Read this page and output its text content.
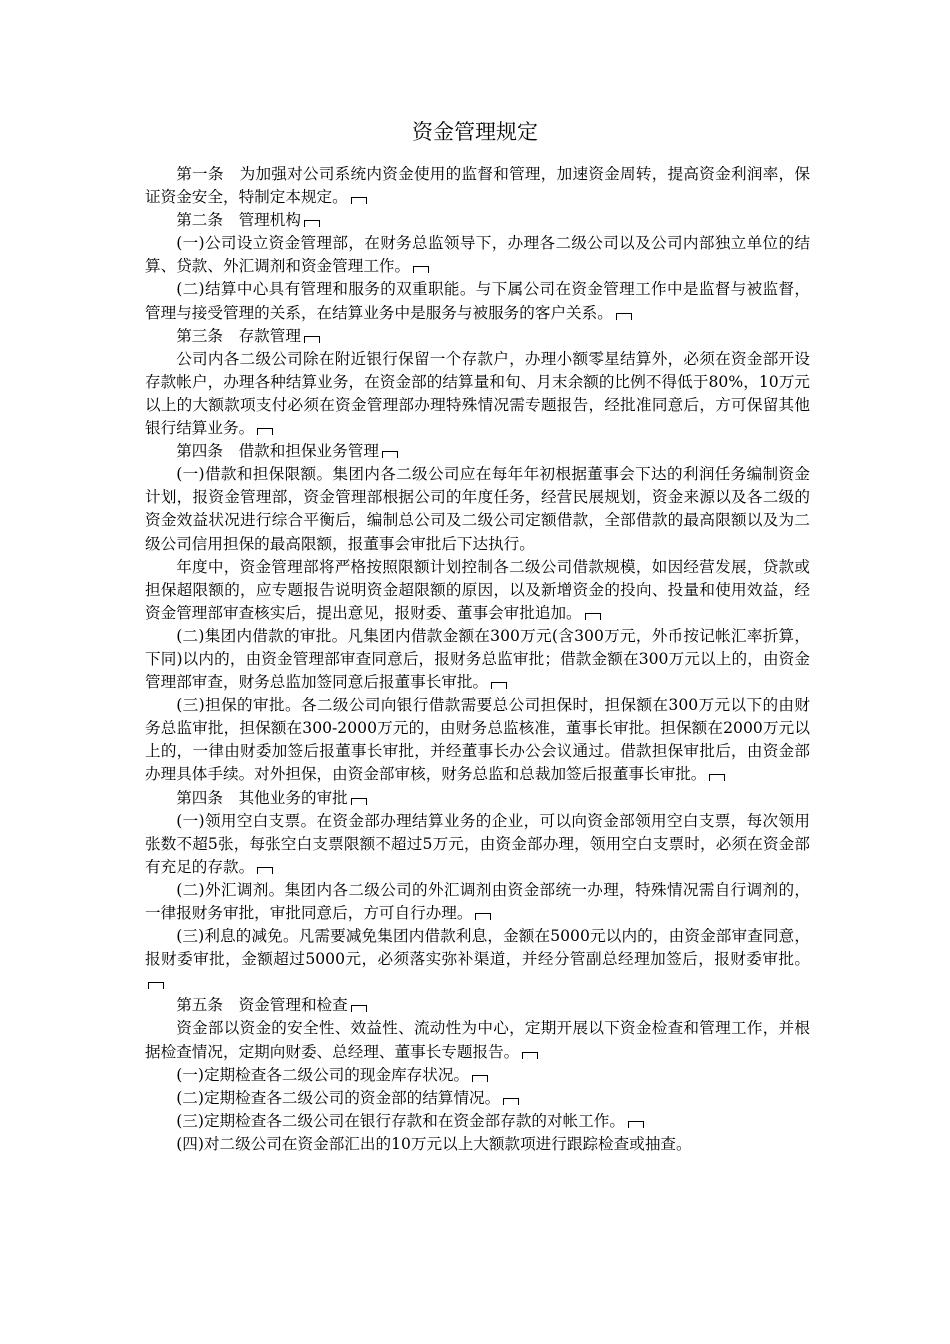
资金管理规定

第一条　为加强对公司系统内资金使用的监督和管理，加速资金周转，提高资金利润率，保证资金安全，特制定本规定。

第二条　管理机构

(一)公司设立资金管理部，在财务总监领导下，办理各二级公司以及公司内部独立单位的结算、贷款、外汇调剂和资金管理工作。

(二)结算中心具有管理和服务的双重职能。与下属公司在资金管理工作中是监督与被监督，管理与接受管理的关系，在结算业务中是服务与被服务的客户关系。

第三条　存款管理

公司内各二级公司除在附近银行保留一个存款户，办理小额零星结算外，必须在资金部开设存款帐户，办理各种结算业务，在资金部的结算量和旬、月末余额的比例不得低于80%，10万元以上的大额款项支付必须在资金管理部办理特殊情况需专题报告，经批准同意后，方可保留其他银行结算业务。

第四条　借款和担保业务管理

(一)借款和担保限额。集团内各二级公司应在每年年初根据董事会下达的利润任务编制资金计划，报资金管理部，资金管理部根据公司的年度任务，经营民展规划，资金来源以及各二级的资金效益状况进行综合平衡后，编制总公司及二级公司定额借款，全部借款的最高限额以及为二级公司信用担保的最高限额，报董事会审批后下达执行。

年度中，资金管理部将严格按照限额计划控制各二级公司借款规模，如因经营发展，贷款或担保超限额的，应专题报告说明资金超限额的原因，以及新增资金的投向、投量和使用效益，经资金管理部审查核实后，提出意见，报财委、董事会审批追加。

(二)集团内借款的审批。凡集团内借款金额在300万元(含300万元，外币按记帐汇率折算，下同)以内的，由资金管理部审查同意后，报财务总监审批；借款金额在300万元以上的，由资金管理部审查，财务总监加签同意后报董事长审批。

(三)担保的审批。各二级公司向银行借款需要总公司担保时，担保额在300万元以下的由财务总监审批，担保额在300-2000万元的，由财务总监核准，董事长审批。担保额在2000万元以上的，一律由财委加签后报董事长审批，并经董事长办公会议通过。借款担保审批后，由资金部办理具体手续。对外担保，由资金部审核，财务总监和总裁加签后报董事长审批。

第四条　其他业务的审批

(一)领用空白支票。在资金部办理结算业务的企业，可以向资金部领用空白支票，每次领用张数不超5张，每张空白支票限额不超过5万元，由资金部办理，领用空白支票时，必须在资金部有充足的存款。

(二)外汇调剂。集团内各二级公司的外汇调剂由资金部统一办理，特殊情况需自行调剂的，一律报财务审批，审批同意后，方可自行办理。

(三)利息的减免。凡需要减免集团内借款利息，金额在5000元以内的，由资金部审查同意，报财委审批，金额超过5000元，必须落实弥补渠道，并经分管副总经理加签后，报财委审批。

第五条　资金管理和检查

资金部以资金的安全性、效益性、流动性为中心，定期开展以下资金检查和管理工作，并根据检查情况，定期向财委、总经理、董事长专题报告。

(一)定期检查各二级公司的现金库存状况。

(二)定期检查各二级公司的资金部的结算情况。

(三)定期检查各二级公司在银行存款和在资金部存款的对帐工作。

(四)对二级公司在资金部汇出的10万元以上大额款项进行跟踪检查或抽查。
